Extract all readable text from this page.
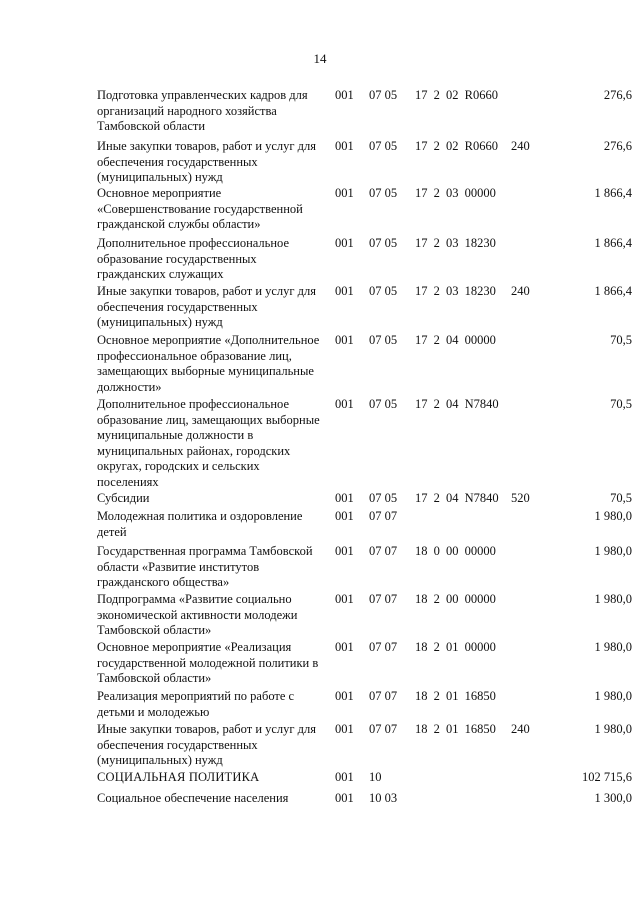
14
Подготовка управленческих кадров для организаций народного хозяйства Тамбовской области
001 07 05 17 2 02 R0660	276,6
Иные закупки товаров, работ и услуг для обеспечения государственных (муниципальных) нужд
001 07 05 17 2 02 R0660 240	276,6
Основное мероприятие «Совершенствование государственной гражданской службы области»
001 07 05 17 2 03 00000	1 866,4
Дополнительное профессиональное образование государственных гражданских служащих
001 07 05 17 2 03 18230	1 866,4
Иные закупки товаров, работ и услуг для обеспечения государственных (муниципальных) нужд
001 07 05 17 2 03 18230 240	1 866,4
Основное мероприятие «Дополнительное профессиональное образование лиц, замещающих выборные муниципальные должности»
001 07 05 17 2 04 00000	70,5
Дополнительное профессиональное образование лиц, замещающих выборные муниципальные должности в муниципальных районах, городских округах, городских и сельских поселениях
001 07 05 17 2 04 N7840	70,5
Субсидии	001 07 05 17 2 04 N7840 520	70,5
Молодежная политика и оздоровление детей
001 07 07	1 980,0
Государственная программа Тамбовской области «Развитие институтов гражданского общества»
001 07 07 18 0 00 00000	1 980,0
Подпрограмма «Развитие социально экономической активности молодежи Тамбовской области»
001 07 07 18 2 00 00000	1 980,0
Основное мероприятие «Реализация государственной молодежной политики в Тамбовской области»
001 07 07 18 2 01 00000	1 980,0
Реализация мероприятий по работе с детьми и молодежью
001 07 07 18 2 01 16850	1 980,0
Иные закупки товаров, работ и услуг для обеспечения государственных (муниципальных) нужд
001 07 07 18 2 01 16850 240	1 980,0
СОЦИАЛЬНАЯ ПОЛИТИКА	001 10	102 715,6
Социальное обеспечение населения	001 10 03	1 300,0
